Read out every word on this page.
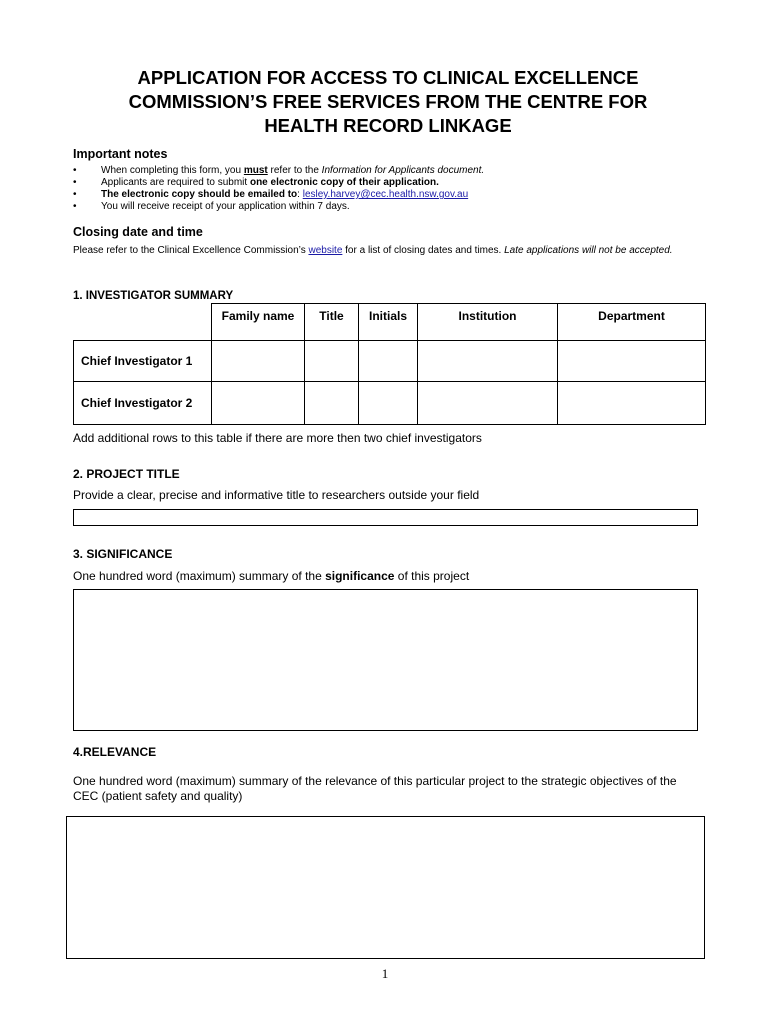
APPLICATION FOR ACCESS TO CLINICAL EXCELLENCE
COMMISSION’S FREE SERVICES FROM THE CENTRE FOR
HEALTH RECORD LINKAGE
Important notes
• When completing this form, you must refer to the Information for Applicants document.
• Applicants are required to submit one electronic copy of their application.
• The electronic copy should be emailed to: lesley.harvey@cec.health.nsw.gov.au
• You will receive receipt of your application within 7 days.
Closing date and time
Please refer to the Clinical Excellence Commission’s website for a list of closing dates and times. Late applications will not be accepted.
1. INVESTIGATOR SUMMARY
	Family name	Title	Initials	Institution	Department
Chief Investigator 1					
Chief Investigator 2					
Add additional rows to this table if there are more then two chief investigators
2. PROJECT TITLE
Provide a clear, precise and informative title to researchers outside your field
3. SIGNIFICANCE
One hundred word (maximum) summary of the significance of this project
4.RELEVANCE
One hundred word (maximum) summary of the relevance of this particular project to the strategic objectives of the CEC (patient safety and quality)
1
